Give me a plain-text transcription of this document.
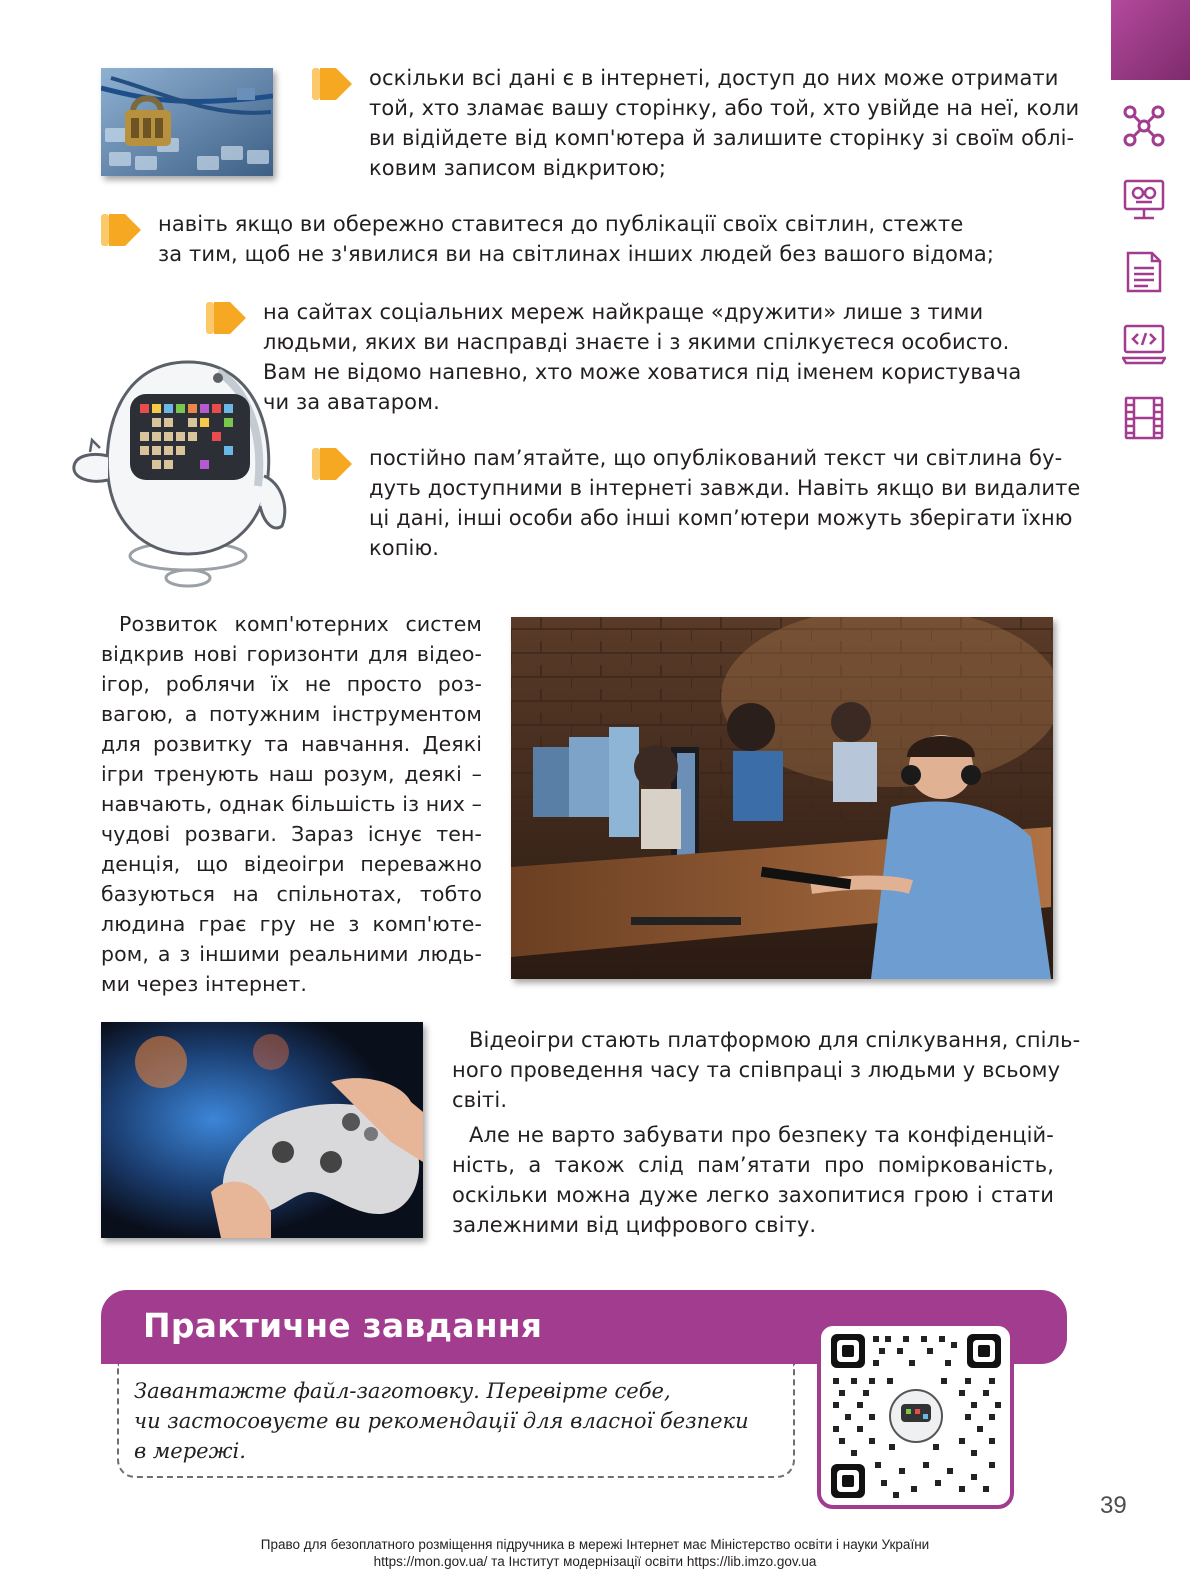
оскільки всі дані є в інтернеті, доступ до них може отримати
той, хто зламає вашу сторінку, або той, хто увійде на неї, коли
ви відійдете від комп'ютера й залишите сторінку зі своїм облі-
ковим записом відкритою;
навіть якщо ви обережно ставитеся до публікації своїх світлин, стежте
за тим, щоб не з'явилися ви на світлинах інших людей без вашого відома;
на сайтах соціальних мереж найкраще «дружити» лише з тими
людьми, яких ви насправді знаєте і з якими спілкуєтеся особисто.
Вам не відомо напевно, хто може ховатися під іменем користувача
чи за аватаром.
постійно пам’ятайте, що опублікований текст чи світлина бу-
дуть доступними в інтернеті завжди. Навіть якщо ви видалите
ці дані, інші особи або інші комп’ютери можуть зберігати їхню
копію.
Розвиток комп'ютерних систем
відкрив нові горизонти для відео-
ігор, роблячи їх не просто роз-
вагою, а потужним інструментом
для розвитку та навчання. Деякі
ігри тренують наш розум, деякі –
навчають, однак більшість із них –
чудові розваги. Зараз існує тен-
денція, що відеоігри переважно
базуються на спільнотах, тобто
людина грає гру не з комп'юте-
ром, а з іншими реальними людь-
ми через інтернет.
Відеоігри стають платформою для спілкування, спіль-
ного проведення часу та співпраці з людьми у всьому
світі.
Але не варто забувати про безпеку та конфіденцій-
ність, а також слід пам’ятати про поміркованість,
оскільки можна дуже легко захопитися грою і стати
залежними від цифрового світу.
Практичне завдання
Завантажте файл-заготовку. Перевірте себе,
чи застосовуєте ви рекомендації для власної безпеки
в мережі.
39
Право для безоплатного розміщення підручника в мережі Інтернет має Міністерство освіти і науки України
https://mon.gov.ua/ та Інститут модернізації освіти https://lib.imzo.gov.ua
